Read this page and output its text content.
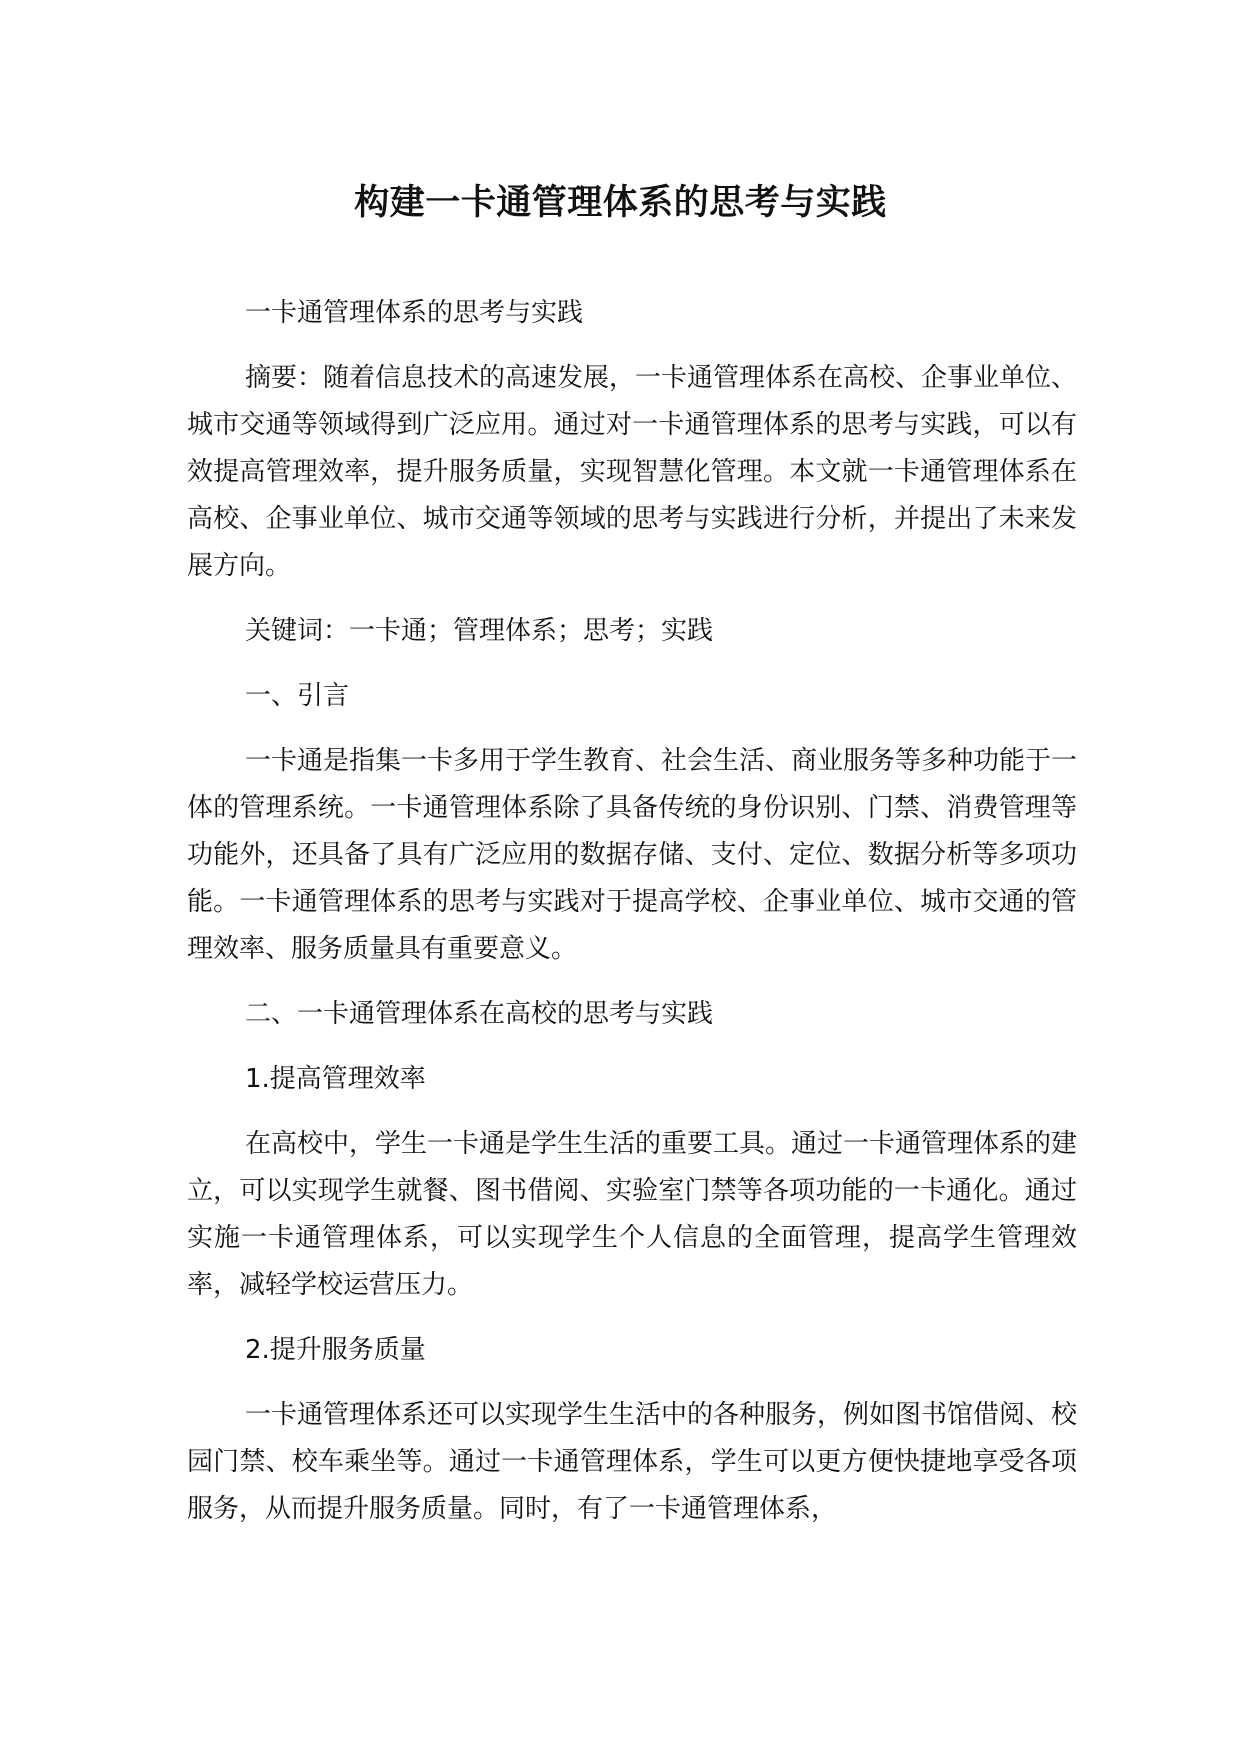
构建一卡通管理体系的思考与实践

一卡通管理体系的思考与实践

摘要：随着信息技术的高速发展，一卡通管理体系在高校、企事业单位、城市交通等领域得到广泛应用。通过对一卡通管理体系的思考与实践，可以有效提高管理效率，提升服务质量，实现智慧化管理。本文就一卡通管理体系在高校、企事业单位、城市交通等领域的思考与实践进行分析，并提出了未来发展方向。

关键词：一卡通；管理体系；思考；实践

一、引言

一卡通是指集一卡多用于学生教育、社会生活、商业服务等多种功能于一体的管理系统。一卡通管理体系除了具备传统的身份识别、门禁、消费管理等功能外，还具备了具有广泛应用的数据存储、支付、定位、数据分析等多项功能。一卡通管理体系的思考与实践对于提高学校、企事业单位、城市交通的管理效率、服务质量具有重要意义。

二、一卡通管理体系在高校的思考与实践

1.提高管理效率

在高校中，学生一卡通是学生生活的重要工具。通过一卡通管理体系的建立，可以实现学生就餐、图书借阅、实验室门禁等各项功能的一卡通化。通过实施一卡通管理体系，可以实现学生个人信息的全面管理，提高学生管理效率，减轻学校运营压力。

2.提升服务质量

一卡通管理体系还可以实现学生生活中的各种服务，例如图书馆借阅、校园门禁、校车乘坐等。通过一卡通管理体系，学生可以更方便快捷地享受各项服务，从而提升服务质量。同时，有了一卡通管理体系，
